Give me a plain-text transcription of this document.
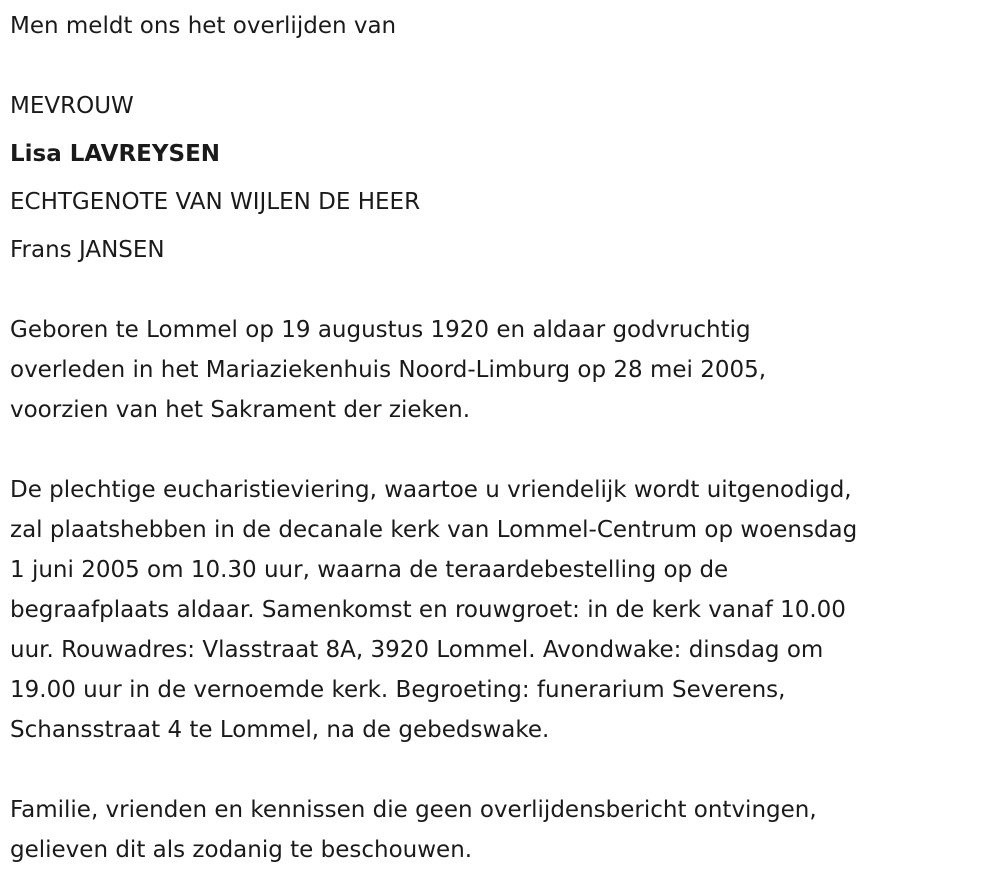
Men meldt ons het overlijden van
MEVROUW
Lisa LAVREYSEN
ECHTGENOTE VAN WIJLEN DE HEER
Frans JANSEN
Geboren te Lommel op 19 augustus 1920 en aldaar godvruchtig
overleden in het Mariaziekenhuis Noord-Limburg op 28 mei 2005,
voorzien van het Sakrament der zieken.
De plechtige eucharistieviering, waartoe u vriendelijk wordt uitgenodigd,
zal plaatshebben in de decanale kerk van Lommel-Centrum op woensdag
1 juni 2005 om 10.30 uur, waarna de teraardebestelling op de
begraafplaats aldaar. Samenkomst en rouwgroet: in de kerk vanaf 10.00
uur. Rouwadres: Vlasstraat 8A, 3920 Lommel. Avondwake: dinsdag om
19.00 uur in de vernoemde kerk. Begroeting: funerarium Severens,
Schansstraat 4 te Lommel, na de gebedswake.
Familie, vrienden en kennissen die geen overlijdensbericht ontvingen,
gelieven dit als zodanig te beschouwen.
